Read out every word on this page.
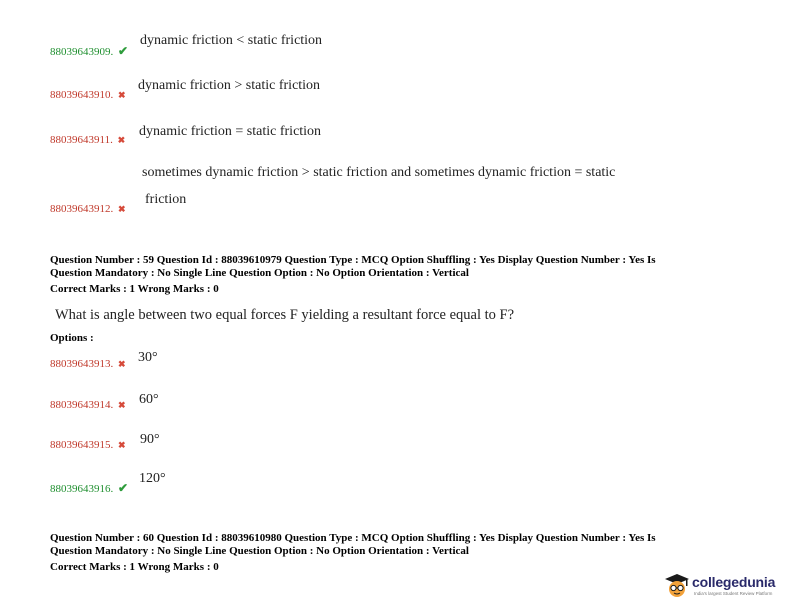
88039643909. ✔
dynamic friction < static friction
88039643910. ✖
dynamic friction > static friction
88039643911. ✖
dynamic friction = static friction
sometimes dynamic friction > static friction and sometimes dynamic friction = static
friction
88039643912. ✖
Question Number : 59 Question Id : 88039610979 Question Type : MCQ Option Shuffling : Yes Display Question Number : Yes Is
Question Mandatory : No Single Line Question Option : No Option Orientation : Vertical
Correct Marks : 1 Wrong Marks : 0
What is angle between two equal forces F yielding a resultant force equal to F?
Options :
88039643913. ✖ 30°
88039643914. ✖ 60°
88039643915. ✖ 90°
88039643916. ✔
120°
Question Number : 60 Question Id : 88039610980 Question Type : MCQ Option Shuffling : Yes Display Question Number : Yes Is
Question Mandatory : No Single Line Question Option : No Option Orientation : Vertical
Correct Marks : 1 Wrong Marks : 0
collegedunia
India's largest Student Review Platform
